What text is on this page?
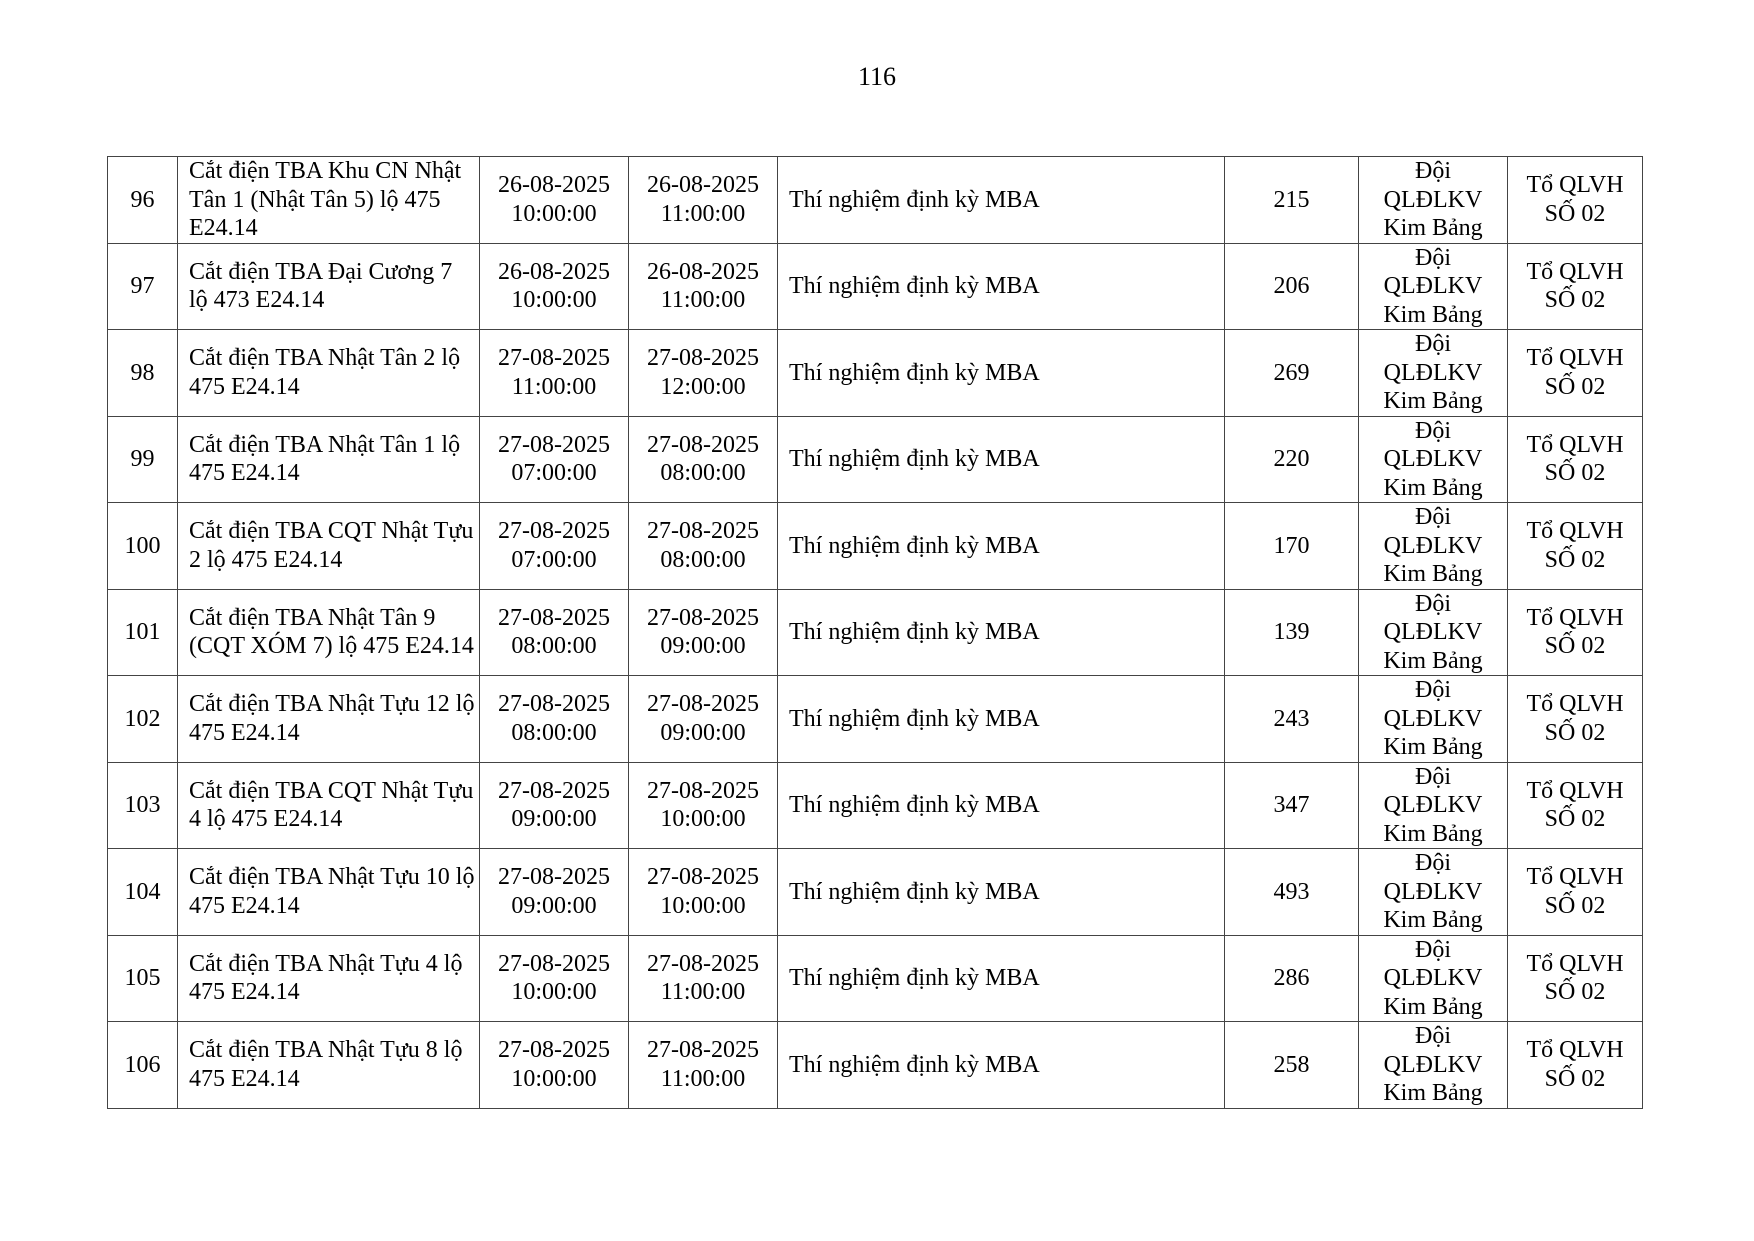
116
96	Cắt điện TBA Khu CN Nhật Tân 1 (Nhật Tân 5) lộ 475 E24.14	26-08-2025
10:00:00	26-08-2025
11:00:00	Thí nghiệm định kỳ MBA	215	Đội
QLĐLKV
Kim Bảng	Tổ QLVH
SỐ 02

97	Cắt điện TBA Đại Cương 7 lộ 473 E24.14	26-08-2025
10:00:00	26-08-2025
11:00:00	Thí nghiệm định kỳ MBA	206	Đội
QLĐLKV
Kim Bảng	Tổ QLVH
SỐ 02

98	Cắt điện TBA Nhật Tân 2 lộ 475 E24.14	27-08-2025
11:00:00	27-08-2025
12:00:00	Thí nghiệm định kỳ MBA	269	Đội
QLĐLKV
Kim Bảng	Tổ QLVH
SỐ 02

99	Cắt điện TBA Nhật Tân 1 lộ 475 E24.14	27-08-2025
07:00:00	27-08-2025
08:00:00	Thí nghiệm định kỳ MBA	220	Đội
QLĐLKV
Kim Bảng	Tổ QLVH
SỐ 02

100	Cắt điện TBA CQT Nhật Tựu 2 lộ 475 E24.14	27-08-2025
07:00:00	27-08-2025
08:00:00	Thí nghiệm định kỳ MBA	170	Đội
QLĐLKV
Kim Bảng	Tổ QLVH
SỐ 02

101	Cắt điện TBA Nhật Tân 9 (CQT XÓM 7) lộ 475 E24.14	27-08-2025
08:00:00	27-08-2025
09:00:00	Thí nghiệm định kỳ MBA	139	Đội
QLĐLKV
Kim Bảng	Tổ QLVH
SỐ 02

102	Cắt điện TBA Nhật Tựu 12 lộ 475 E24.14	27-08-2025
08:00:00	27-08-2025
09:00:00	Thí nghiệm định kỳ MBA	243	Đội
QLĐLKV
Kim Bảng	Tổ QLVH
SỐ 02

103	Cắt điện TBA CQT Nhật Tựu 4 lộ 475 E24.14	27-08-2025
09:00:00	27-08-2025
10:00:00	Thí nghiệm định kỳ MBA	347	Đội
QLĐLKV
Kim Bảng	Tổ QLVH
SỐ 02

104	Cắt điện TBA Nhật Tựu 10 lộ 475 E24.14	27-08-2025
09:00:00	27-08-2025
10:00:00	Thí nghiệm định kỳ MBA	493	Đội
QLĐLKV
Kim Bảng	Tổ QLVH
SỐ 02

105	Cắt điện TBA Nhật Tựu 4 lộ 475 E24.14	27-08-2025
10:00:00	27-08-2025
11:00:00	Thí nghiệm định kỳ MBA	286	Đội
QLĐLKV
Kim Bảng	Tổ QLVH
SỐ 02

106	Cắt điện TBA Nhật Tựu 8 lộ 475 E24.14	27-08-2025
10:00:00	27-08-2025
11:00:00	Thí nghiệm định kỳ MBA	258	Đội
QLĐLKV
Kim Bảng	Tổ QLVH
SỐ 02
